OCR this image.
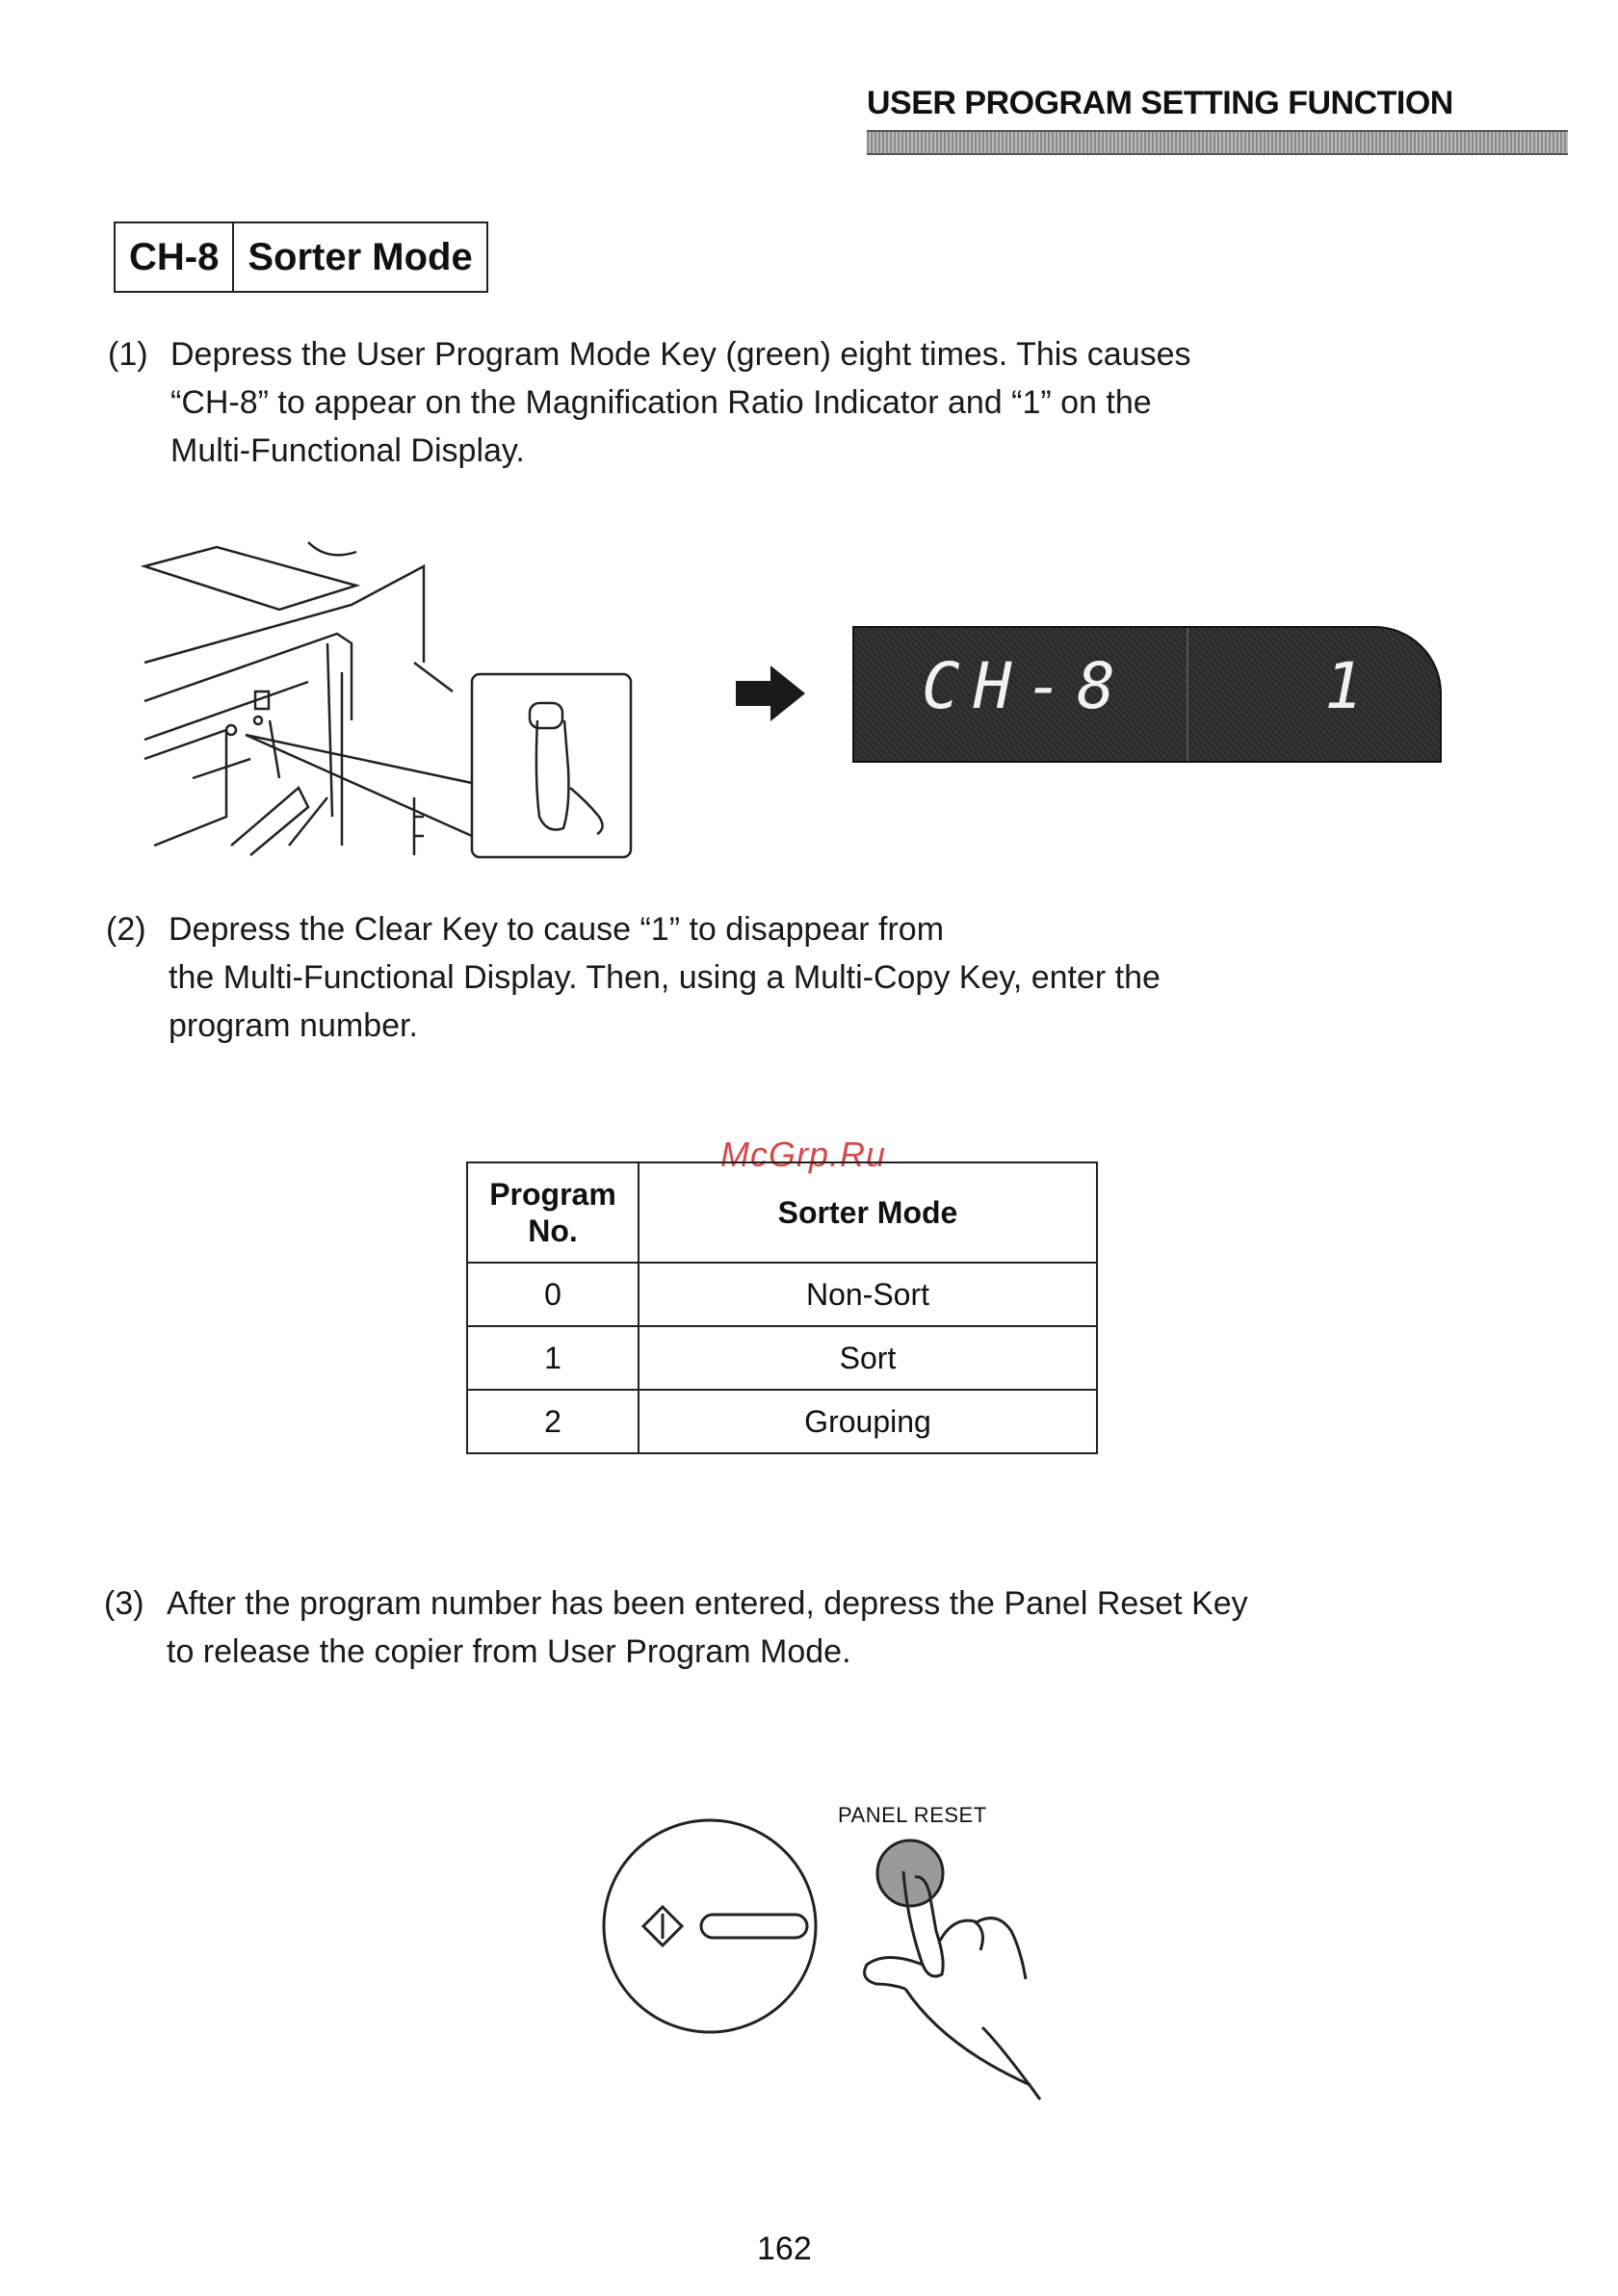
USER PROGRAM SETTING FUNCTION
CH-8 Sorter Mode
(1) Depress the User Program Mode Key (green) eight times. This causes
“CH-8” to appear on the Magnification Ratio Indicator and “1” on the
Multi-Functional Display.
CH-8	1
(2) Depress the Clear Key to cause “1” to disappear from
the Multi-Functional Display. Then, using a Multi-Copy Key, enter the
program number.
McGrp.Ru
Program
No.	Sorter Mode
0	Non-Sort
1	Sort
2	Grouping
(3) After the program number has been entered, depress the Panel Reset Key
to release the copier from User Program Mode.
PANEL RESET
162
